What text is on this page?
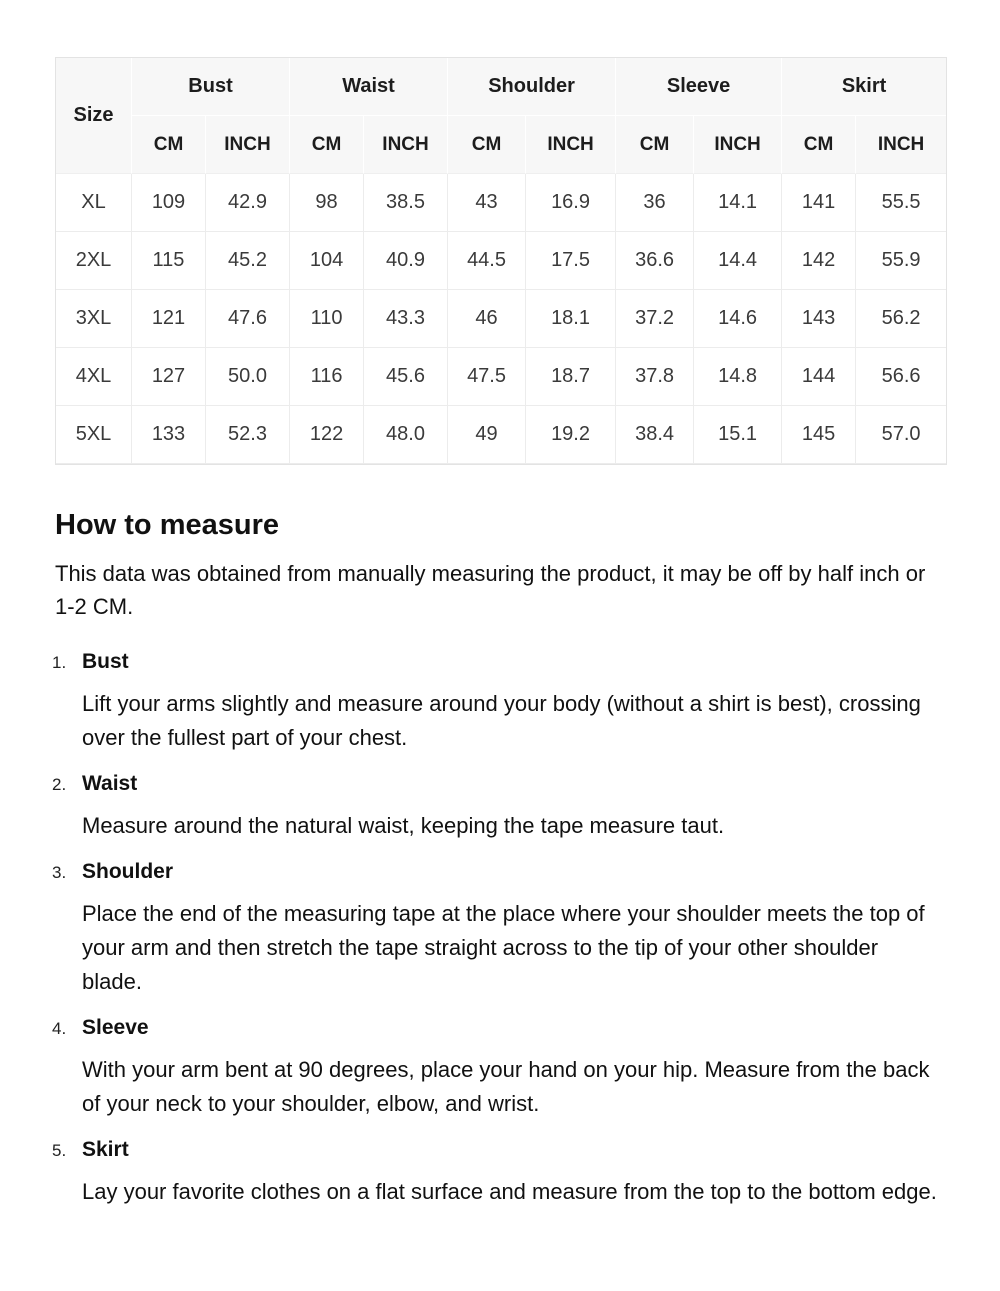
Size	Bust		Waist		Shoulder		Sleeve		Skirt	
	CM	INCH	CM	INCH	CM	INCH	CM	INCH	CM	INCH
XL	109	42.9	98	38.5	43	16.9	36	14.1	141	55.5
2XL	115	45.2	104	40.9	44.5	17.5	36.6	14.4	142	55.9
3XL	121	47.6	110	43.3	46	18.1	37.2	14.6	143	56.2
4XL	127	50.0	116	45.6	47.5	18.7	37.8	14.8	144	56.6
5XL	133	52.3	122	48.0	49	19.2	38.4	15.1	145	57.0
How to measure

This data was obtained from manually measuring the product, it may be off by half inch or 1-2 CM.

1. Bust

Lift your arms slightly and measure around your body (without a shirt is best), crossing over the fullest part of your chest.

2. Waist

Measure around the natural waist, keeping the tape measure taut.

3. Shoulder

Place the end of the measuring tape at the place where your shoulder meets the top of your arm and then stretch the tape straight across to the tip of your other shoulder blade.

4. Sleeve

With your arm bent at 90 degrees, place your hand on your hip. Measure from the back of your neck to your shoulder, elbow, and wrist.

5. Skirt

Lay your favorite clothes on a flat surface and measure from the top to the bottom edge.
